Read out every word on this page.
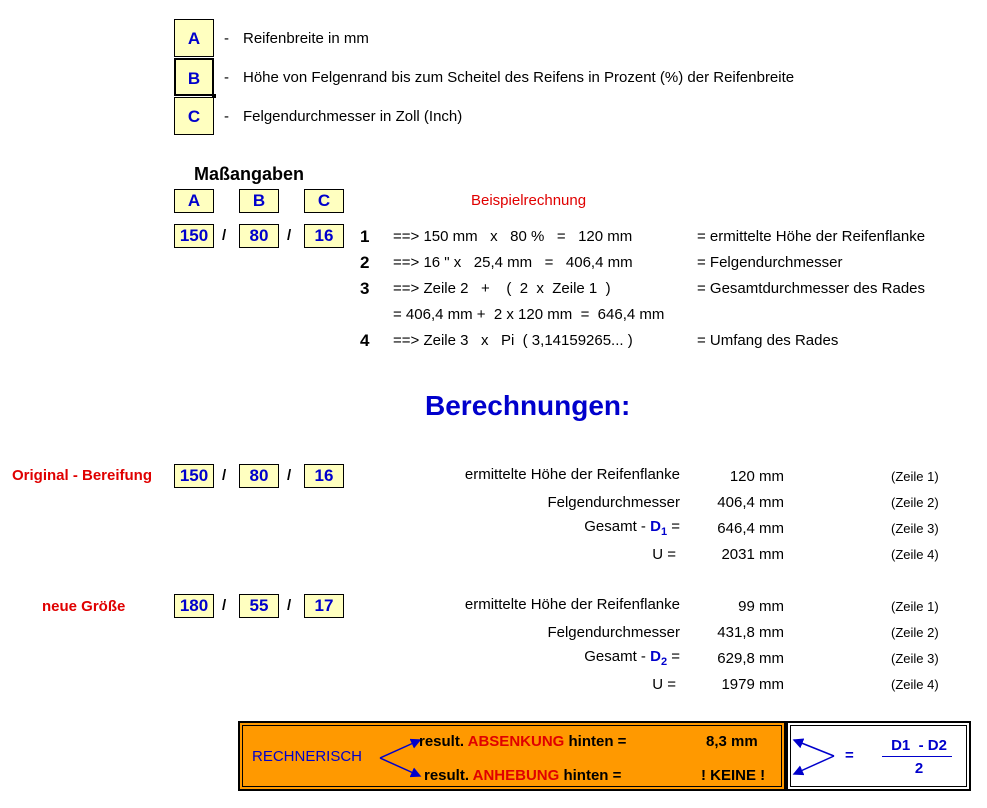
A	- Reifenbreite in mm
B	- Höhe von Felgenrand bis zum Scheitel des Reifens in Prozent (%) der Reifenbreite
C	- Felgendurchmesser in Zoll (Inch)
Maßangaben
A	B	C
150 /	80	/	16
Beispielrechnung
1 ==> 150 mm   x   80 %   =   120 mm	= ermittelte Höhe der Reifenflanke
2 ==> 16 " x   25,4 mm   =   406,4 mm	= Felgendurchmesser
3 ==> Zeile 2   +    (  2  x  Zeile 1  )	= Gesamtdurchmesser des Rades
= 406,4 mm +  2 x 120 mm  =  646,4 mm
4 ==> Zeile 3   x   Pi  ( 3,14159265... )	= Umfang des Rades
Berechnungen:
Original - Bereifung	150 /	80	/	16	ermittelte Höhe der Reifenflanke	120 mm	(Zeile 1)
Felgendurchmesser 406,4 mm	(Zeile 2)
Gesamt - $D_1 = 646,4$ mm	(Zeile 3)
U =	2031 mm	(Zeile 4)
neue Größe	180 /	55	/	17	ermittelte Höhe der Reifenflanke	99 mm	(Zeile 1)
Felgendurchmesser 431,8 mm	(Zeile 2)
Gesamt - $D_2 = 629,8$ mm	(Zeile 3)
U =	1979 mm	(Zeile 4)
RECHNERISCH
result. ABSENKUNG hinten =	8,3 mm
result. ANHEBUNG hinten =	! KEINE !
=
D1  - D2
2
